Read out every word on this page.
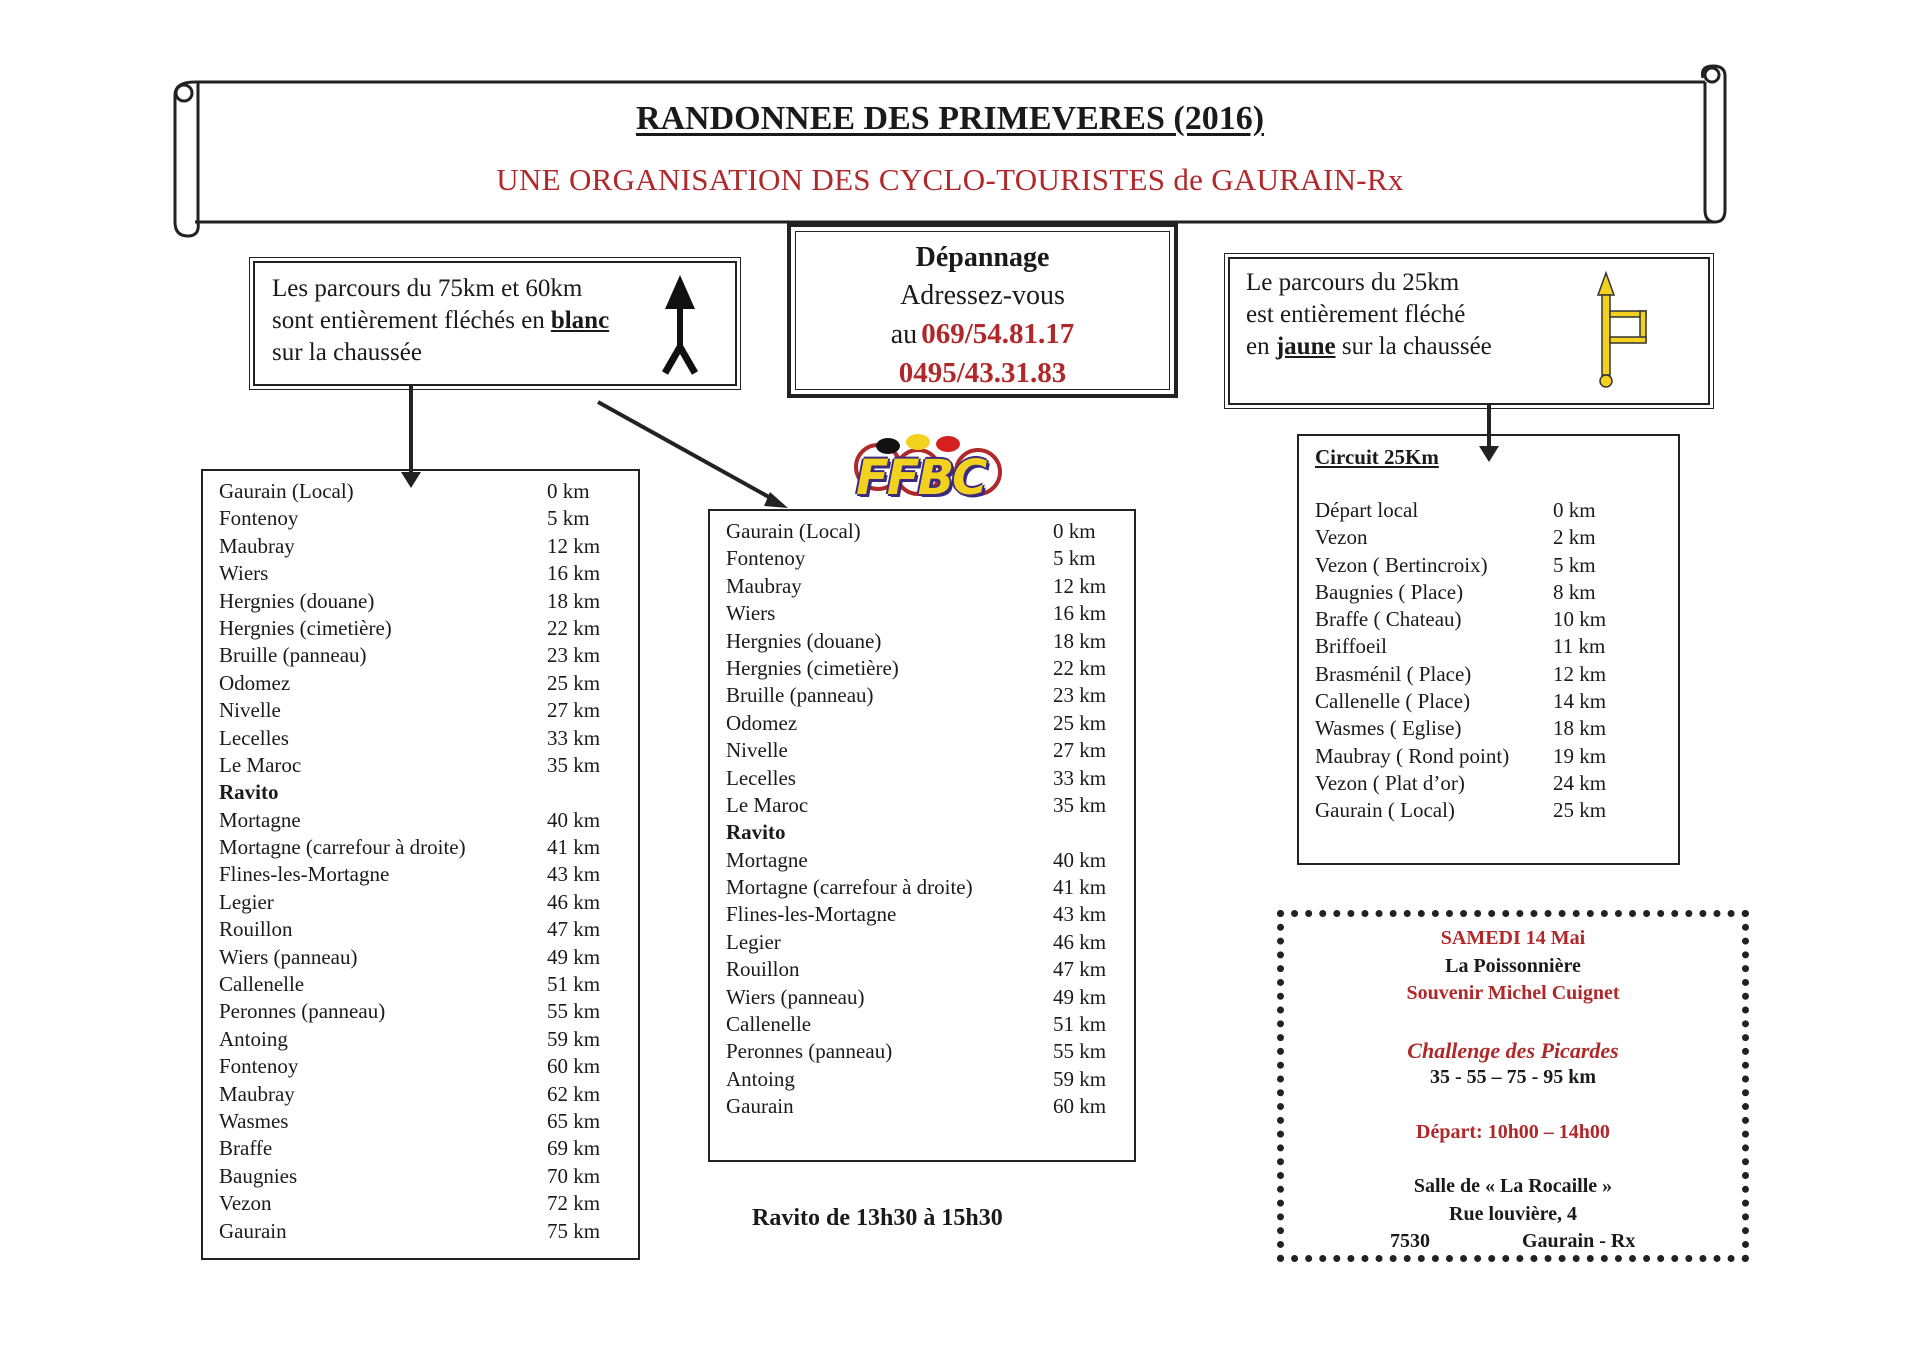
RANDONNEE DES PRIMEVERES (2016)
UNE ORGANISATION DES CYCLO-TOURISTES de GAURAIN-Rx
Les parcours du 75km et 60km
sont entièrement fléchés en blanc
sur la chaussée
Dépannage
Adressez-vous
au 069/54.81.17
0495/43.31.83
Le parcours du 25km
est entièrement fléché
en jaune sur la chaussée
FFBC
Gaurain (Local)	0 km
Fontenoy	5 km
Maubray	12 km
Wiers	16 km
Hergnies (douane)	18 km
Hergnies (cimetière)	22 km
Bruille (panneau)	23 km
Odomez	25 km
Nivelle	27 km
Lecelles	33 km
Le Maroc	35 km
Ravito
Mortagne	40 km
Mortagne (carrefour à droite)	41 km
Flines-les-Mortagne	43 km
Legier	46 km
Rouillon	47 km
Wiers (panneau)	49 km
Callenelle	51 km
Peronnes (panneau)	55 km
Antoing	59 km
Fontenoy	60 km
Maubray	62 km
Wasmes	65 km
Braffe	69 km
Baugnies	70 km
Vezon	72 km
Gaurain	75 km
Gaurain (Local)	0 km
Fontenoy	5 km
Maubray	12 km
Wiers	16 km
Hergnies (douane)	18 km
Hergnies (cimetière)	22 km
Bruille (panneau)	23 km
Odomez	25 km
Nivelle	27 km
Lecelles	33 km
Le Maroc	35 km
Ravito
Mortagne	40 km
Mortagne (carrefour à droite)	41 km
Flines-les-Mortagne	43 km
Legier	46 km
Rouillon	47 km
Wiers (panneau)	49 km
Callenelle	51 km
Peronnes (panneau)	55 km
Antoing	59 km
Gaurain	60 km
Ravito de 13h30 à 15h30
Circuit 25Km
Départ local	0 km
Vezon	2 km
Vezon ( Bertincroix)	5 km
Baugnies ( Place)	8 km
Braffe ( Chateau)	10 km
Briffoeil	11 km
Brasménil ( Place)	12 km
Callenelle ( Place)	14 km
Wasmes ( Eglise)	18 km
Maubray ( Rond point) 19 km
Vezon ( Plat d’or)	24 km
Gaurain ( Local)	25 km
SAMEDI 14 Mai
La Poissonnière
Souvenir Michel Cuignet
Challenge des Picardes
35 - 55 – 75 - 95 km
Départ: 10h00 – 14h00
Salle de « La Rocaille »
Rue louvière, 4
7530	Gaurain - Rx
